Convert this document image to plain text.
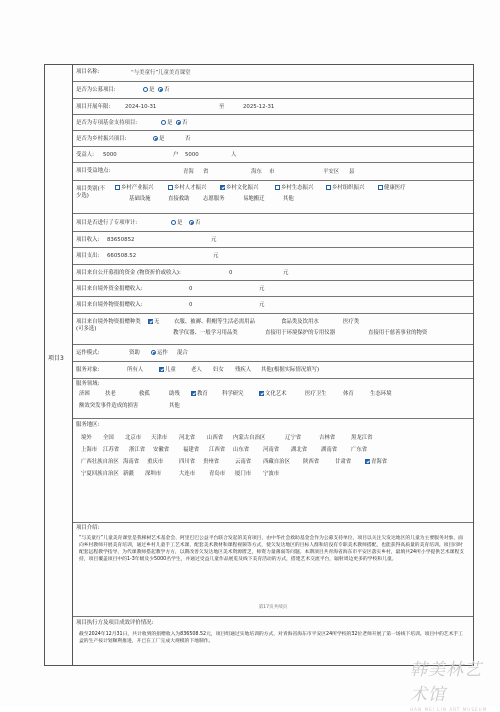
项目3
项目名称:	“与美童行”儿童美育课堂
是否为公募项目:	是	否
项目开展年限:	2024-10-31	至	2025-12-31
是否为专项基金支持项目:	是	否
是否为乡村振兴项目:	是	否
受益人: 5000	户 5000	人
项目受益地点:	青海 省	海东 市	平安区 县
项目类别(不少选)
乡村产业振兴	乡村人才振兴	乡村文化振兴	乡村生态振兴	乡村组织振兴	健康医疗
基础设施	直接救助 志愿服务	易地搬迁	其他
项目是否进行了专项审计:	是	否
项目收入: 83650852	元
项目支出: 660508.52	元
项目来自公开募捐的资金 (物资折价或收入):	0	元
项目来自境外资金捐赠收入:	0	元
项目来自境外物资捐赠收入:	0	元
项目来自境外物资捐赠种类(可多选)
无	衣服、被褥、鞋帽等生活必需用品	食品类及饮用水	医疗类
教学仪器、一般学习用品类	直接用于环境保护的专用仪器	直接用于慈善事业的物资
运作模式:	资助	运作 混合
服务对象:	所有人	儿童	老人 妇女 残疾人 其他(根据实际情况填写)
服务领域:
济困	扶老	救孤	助残	教育	科学研究	文化艺术	医疗卫生	体育	生态环境
额效突发事件造成的损害	其他
服务地区:
境外 全国 北京市 天津市 河北省 山西省 内蒙古自治区	辽宁省	吉林省	黑龙江省
上海市 江苏省 浙江省 安徽省	福建省 江西省 山东省	河南省 湖北省	湖南省	广东省
广西壮族自治区 海南省 重庆市	四川省 贵州省	云南省 西藏自治区 陕西省	甘肃省	青海省
宁夏回族自治区 新疆 深圳市	大连市	青岛市 厦门市 宁波市
项目介绍:
“与美童行”儿童美育课堂是我梯树艺术基金会、阿里巴巴公益平台联合发起的美育项目，由中华社会救助基金会作为公募支持单位，项目以关注欠发达地区的儿童为主要服务对象，面向乡村教师开展美育培训，通过乡村儿童手工艺术课，配套美术教材和课程视频等方式，使欠发达地区的目标人群和培没有专职美术教师搭配，也能获得高质量的美育培训。项目同时配套远程教学指导，为代课教师搭起教学方方，以期改善欠发达地区美术资源匮乏，师资力量薄弱等问题。本期项目共青海省海东市平安区落实乡村，最填共24所小学提供艺术课程支持，项目覆盖项目中的1-3年级及少5000名学生，并通过受益儿童作品展览及线下美育活动的方式，搭建艺术交流平台，辐射周边更多的学校和儿童。
第17页共续页
项目执行方及项目成效评价情况:
截至2024年12月31日，共计收到的捐赠收入为836508.52元，项目组通过实地培训的方式，对青海省海东市平安区24所学校的32位老师开展了第一场线下培训。项目中的艺术手工盒的生产按计划顺利推进，开已在工厂完成大规模的下地制作。
韩美林艺术馆
HAN MEI LIN ART MUSEUM
